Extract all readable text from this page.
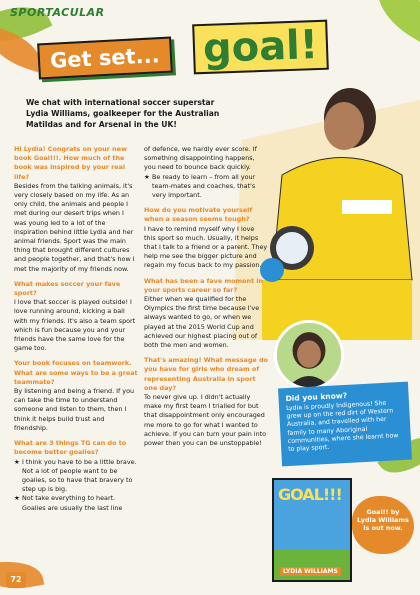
SPORTACULAR
Get set... goal!
We chat with international soccer superstar Lydia Williams, goalkeeper for the Australian Matildas and for Arsenal in the UK!
Hi Lydia! Congrats on your new book Goal!!!. How much of the book was inspired by your real life?
Besides from the talking animals, it's very closely based on my life. As an only child, the animals and people I met during our desert trips when I was young led to a lot of the inspiration behind little Lydia and her animal friends. Sport was the main thing that brought different cultures and people together, and that's how I met the majority of my friends now.
What makes soccer your fave sport?
I love that soccer is played outside! I love running around, kicking a ball with my friends. It's also a team sport which is fun because you and your friends have the same love for the game too.
Your book focuses on teamwork. What are some ways to be a great teammate?
By listening and being a friend. If you can take the time to understand someone and listen to them, then I think it helps build trust and friendship.
What are 3 things TG can do to become better goalies?
★ I think you have to be a little brave. Not a lot of people want to be goalies, so to have that bravery to step up is big.
★ Not take everything to heart. Goalies are usually the last line
of defence, we hardly ever score. If something disappointing happens, you need to bounce back quickly.
★ Be ready to learn – from all your team-mates and coaches, that's very important.
How do you motivate yourself when a season seems tough?
I have to remind myself why I love this sport so much. Usually, it helps that I talk to a friend or a parent. They help me see the bigger picture and regain my focus back to my passion.
What has been a fave moment in your sports career so far?
Either when we qualified for the Olympics the first time because I've always wanted to go, or when we played at the 2015 World Cup and achieved our highest placing out of both the men and women.
That's amazing! What message do you have for girls who dream of representing Australia in sport one day?
To never give up. I didn't actually make my first team I trialled for but that disappointment only encouraged me more to go for what I wanted to achieve. If you can turn your pain into power then you can be unstoppable!
Did you know?
Lydia is proudly Indigenous! She grew up on the red dirt of Western Australia, and travelled with her family to many Aboriginal communities, where she learnt how to play sport.
GOAL!!!
LYDIA WILLIAMS
Goal!! by Lydia Williams is out now.
72
